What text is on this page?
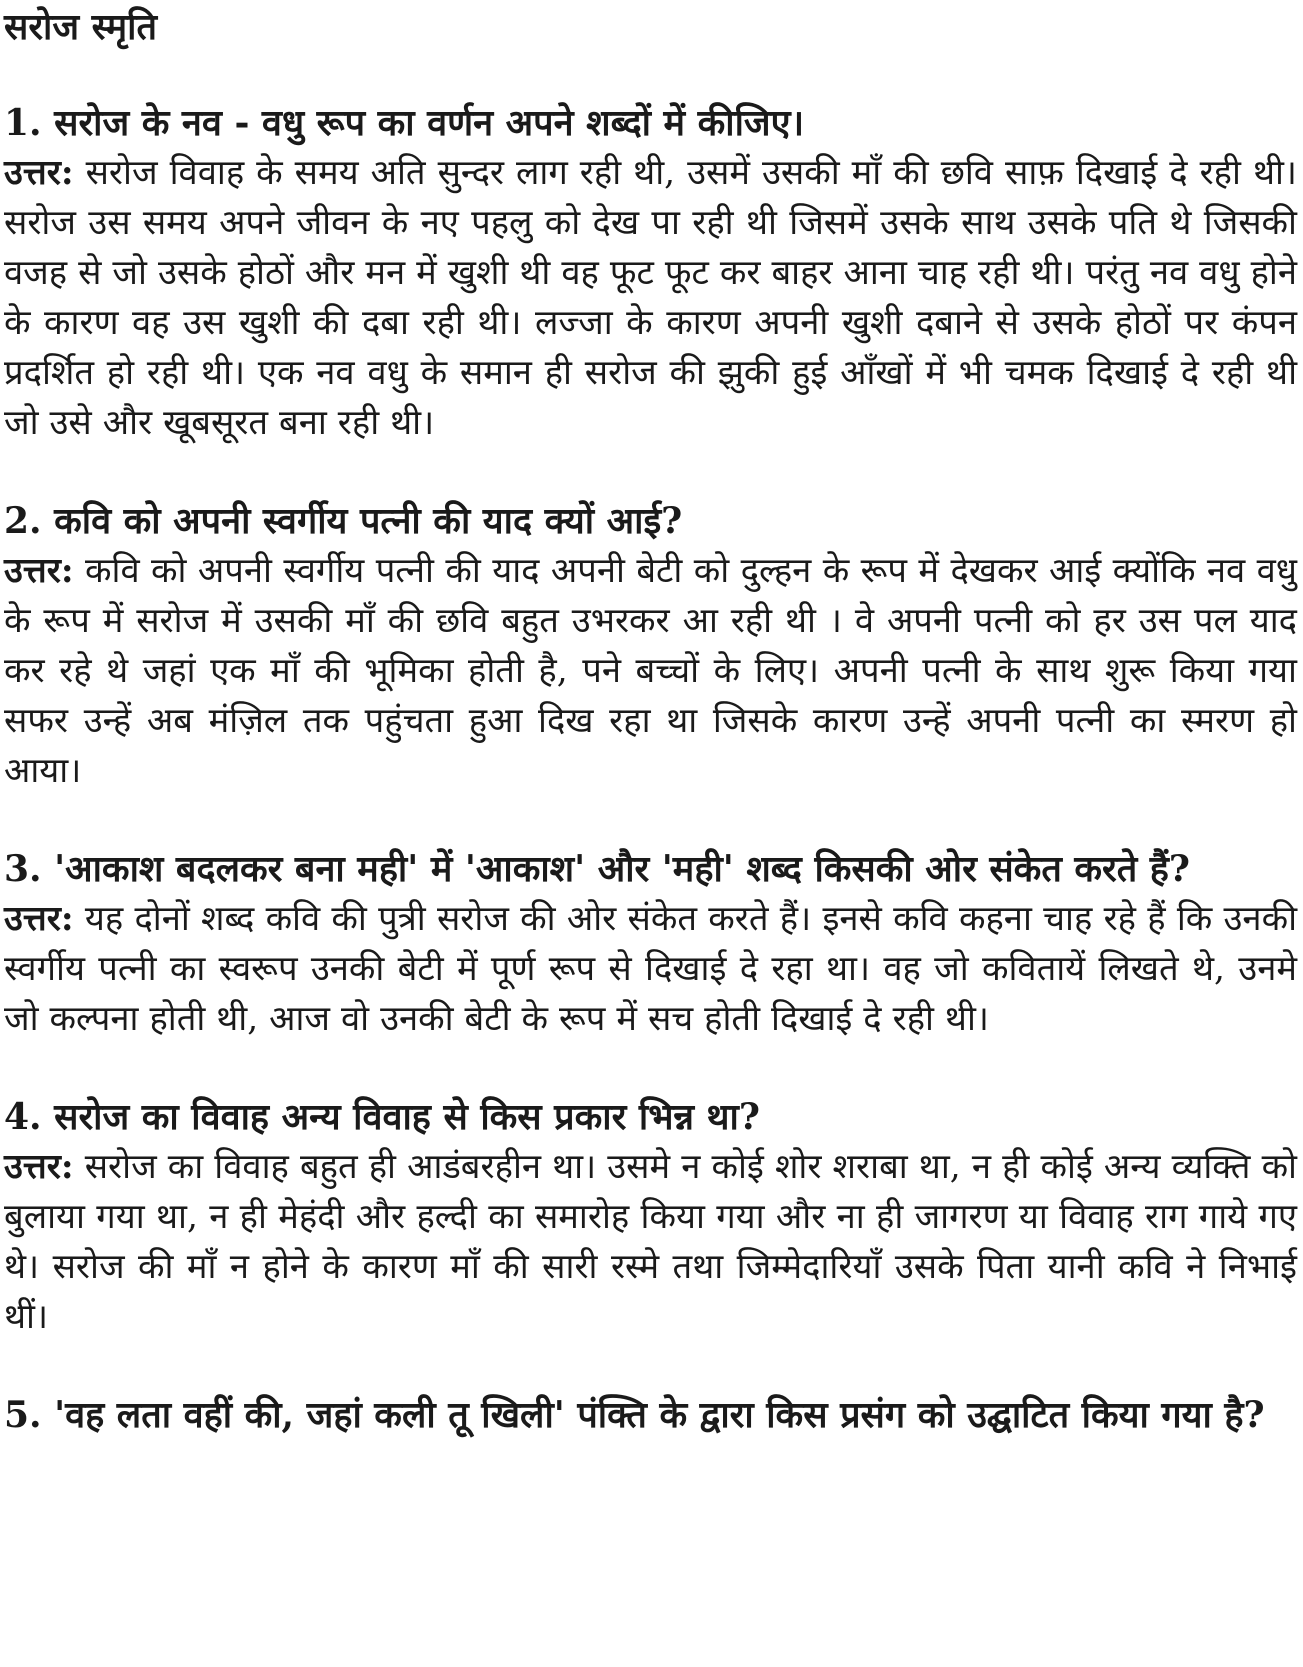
सरोज स्मृति

1. सरोज के नव - वधु रूप का वर्णन अपने शब्दों में कीजिए।

उत्तर: सरोज विवाह के समय अति सुन्दर लाग रही थी, उसमें उसकी माँ की छवि साफ़ दिखाई दे रही थी। सरोज उस समय अपने जीवन के नए पहलु को देख पा रही थी जिसमें उसके साथ उसके पति थे जिसकी वजह से जो उसके होठों और मन में खुशी थी वह फूट फूट कर बाहर आना चाह रही थी। परंतु नव वधु होने के कारण वह उस खुशी की दबा रही थी। लज्जा के कारण अपनी खुशी दबाने से उसके होठों पर कंपन प्रदर्शित हो रही थी। एक नव वधु के समान ही सरोज की झुकी हुई आँखों में भी चमक दिखाई दे रही थी जो उसे और खूबसूरत बना रही थी।

2. कवि को अपनी स्वर्गीय पत्नी की याद क्यों आई?

उत्तर: कवि को अपनी स्वर्गीय पत्नी की याद अपनी बेटी को दुल्हन के रूप में देखकर आई क्योंकि नव वधु के रूप में सरोज में उसकी माँ की छवि बहुत उभरकर आ रही थी । वे अपनी पत्नी को हर उस पल याद कर रहे थे जहां एक माँ की भूमिका होती है, पने बच्चों के लिए। अपनी पत्नी के साथ शुरू किया गया सफर उन्हें अब मंज़िल तक पहुंचता हुआ दिख रहा था जिसके कारण उन्हें अपनी पत्नी का स्मरण हो आया।

3. 'आकाश बदलकर बना मही' में 'आकाश' और 'मही' शब्द किसकी ओर संकेत करते हैं?

उत्तर: यह दोनों शब्द कवि की पुत्री सरोज की ओर संकेत करते हैं। इनसे कवि कहना चाह रहे हैं कि उनकी स्वर्गीय पत्नी का स्वरूप उनकी बेटी में पूर्ण रूप से दिखाई दे रहा था। वह जो कवितायें लिखते थे, उनमे जो कल्पना होती थी, आज वो उनकी बेटी के रूप में सच होती दिखाई दे रही थी।

4. सरोज का विवाह अन्य विवाह से किस प्रकार भिन्न था?

उत्तर: सरोज का विवाह बहुत ही आडंबरहीन था। उसमे न कोई शोर शराबा था, न ही कोई अन्य व्यक्ति को बुलाया गया था, न ही मेहंदी और हल्दी का समारोह किया गया और ना ही जागरण या विवाह राग गाये गए थे। सरोज की माँ न होने के कारण माँ की सारी रस्मे तथा जिम्मेदारियाँ उसके पिता यानी कवि ने निभाई थीं।

5. 'वह लता वहीं की, जहां कली तू खिली' पंक्ति के द्वारा किस प्रसंग को उद्घाटित किया गया है?
